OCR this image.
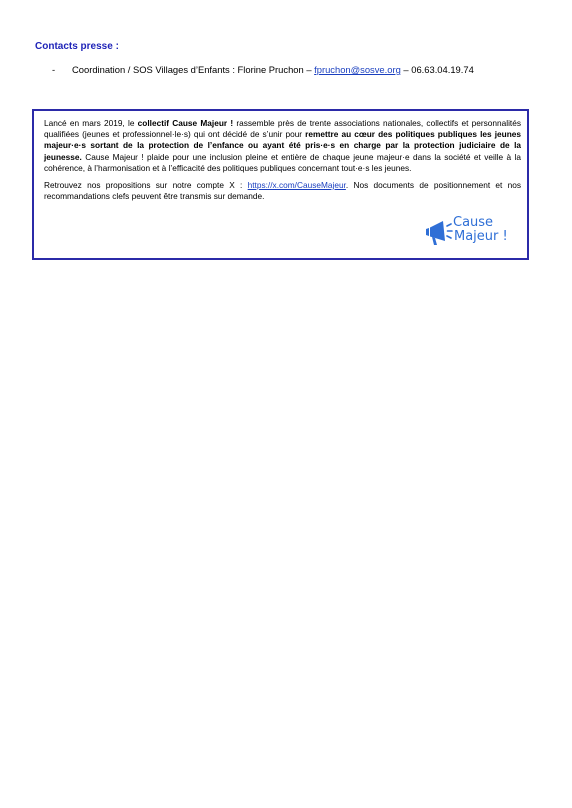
Contacts presse :
- Coordination / SOS Villages d’Enfants : Florine Pruchon – fpruchon@sosve.org – 06.63.04.19.74

Lancé en mars 2019, le collectif Cause Majeur ! rassemble près de trente associations nationales, collectifs et personnalités qualifiées (jeunes et professionnel·le·s) qui ont décidé de s’unir pour remettre au cœur des politiques publiques les jeunes majeur·e·s sortant de la protection de l’enfance ou ayant été pris·e·s en charge par la protection judiciaire de la jeunesse. Cause Majeur ! plaide pour une inclusion pleine et entière de chaque jeune majeur·e dans la société et veille à la cohérence, à l’harmonisation et à l’efficacité des politiques publiques concernant tout·e·s les jeunes.

Retrouvez nos propositions sur notre compte X : https://x.com/CauseMajeur. Nos documents de positionnement et nos recommandations clefs peuvent être transmis sur demande.

Cause
Majeur !
